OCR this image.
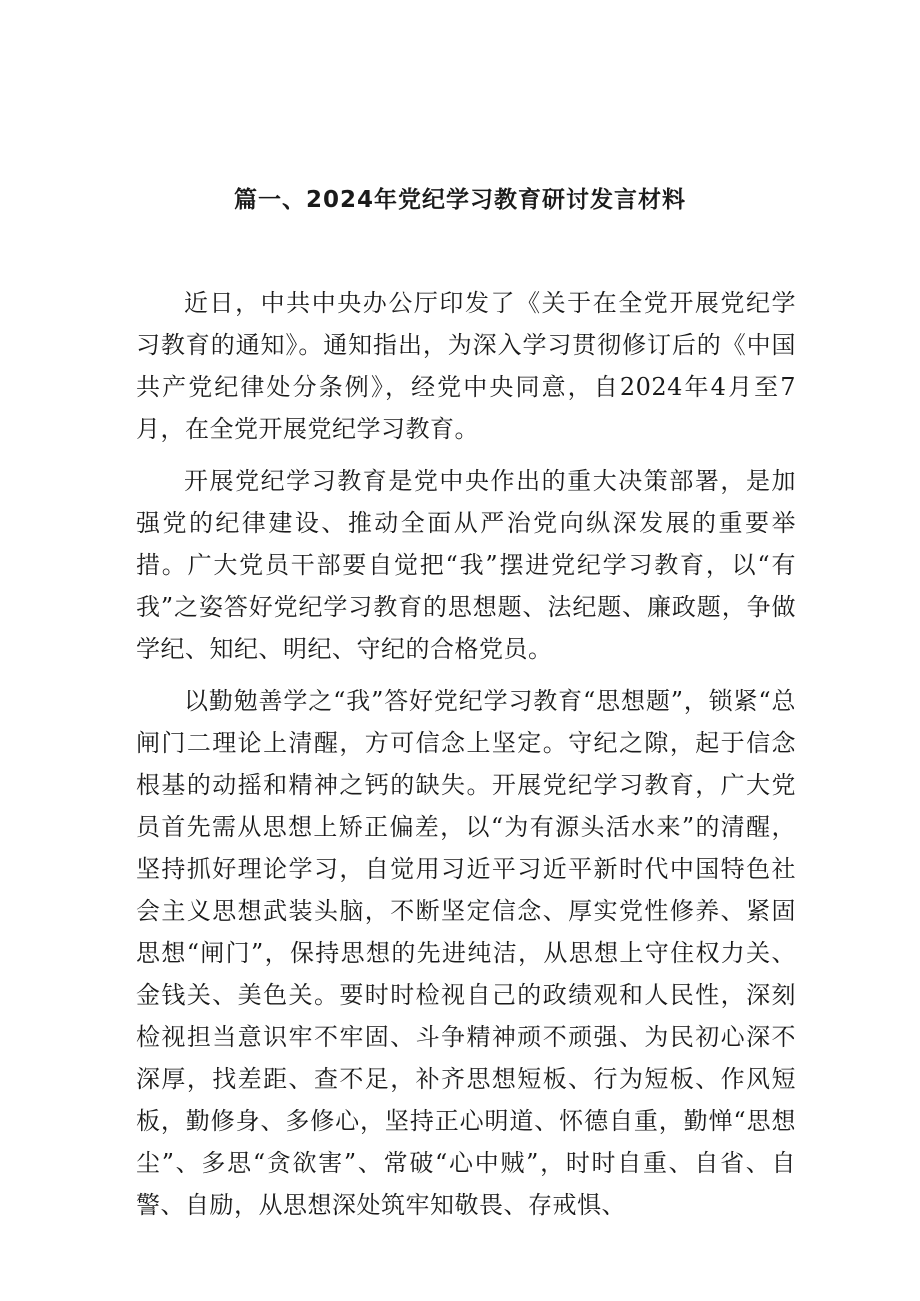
篇一、2024年党纪学习教育研讨发言材料

近日，中共中央办公厅印发了《关于在全党开展党纪学习教育的通知》。通知指出，为深入学习贯彻修订后的《中国共产党纪律处分条例》，经党中央同意，自2024年4月至7月，在全党开展党纪学习教育。

开展党纪学习教育是党中央作出的重大决策部署，是加强党的纪律建设、推动全面从严治党向纵深发展的重要举措。广大党员干部要自觉把“我”摆进党纪学习教育，以“有我”之姿答好党纪学习教育的思想题、法纪题、廉政题，争做学纪、知纪、明纪、守纪的合格党员。

以勤勉善学之“我”答好党纪学习教育“思想题”，锁紧“总闸门二理论上清醒，方可信念上坚定。守纪之隙，起于信念根基的动摇和精神之钙的缺失。开展党纪学习教育，广大党员首先需从思想上矫正偏差，以“为有源头活水来”的清醒，坚持抓好理论学习，自觉用习近平习近平新时代中国特色社会主义思想武装头脑，不断坚定信念、厚实党性修养、紧固思想“闸门”，保持思想的先进纯洁，从思想上守住权力关、金钱关、美色关。要时时检视自己的政绩观和人民性，深刻检视担当意识牢不牢固、斗争精神顽不顽强、为民初心深不深厚，找差距、查不足，补齐思想短板、行为短板、作风短板，勤修身、多修心，坚持正心明道、怀德自重，勤惮“思想尘”、多思“贪欲害”、常破“心中贼”，时时自重、自省、自警、自励，从思想深处筑牢知敬畏、存戒惧、
